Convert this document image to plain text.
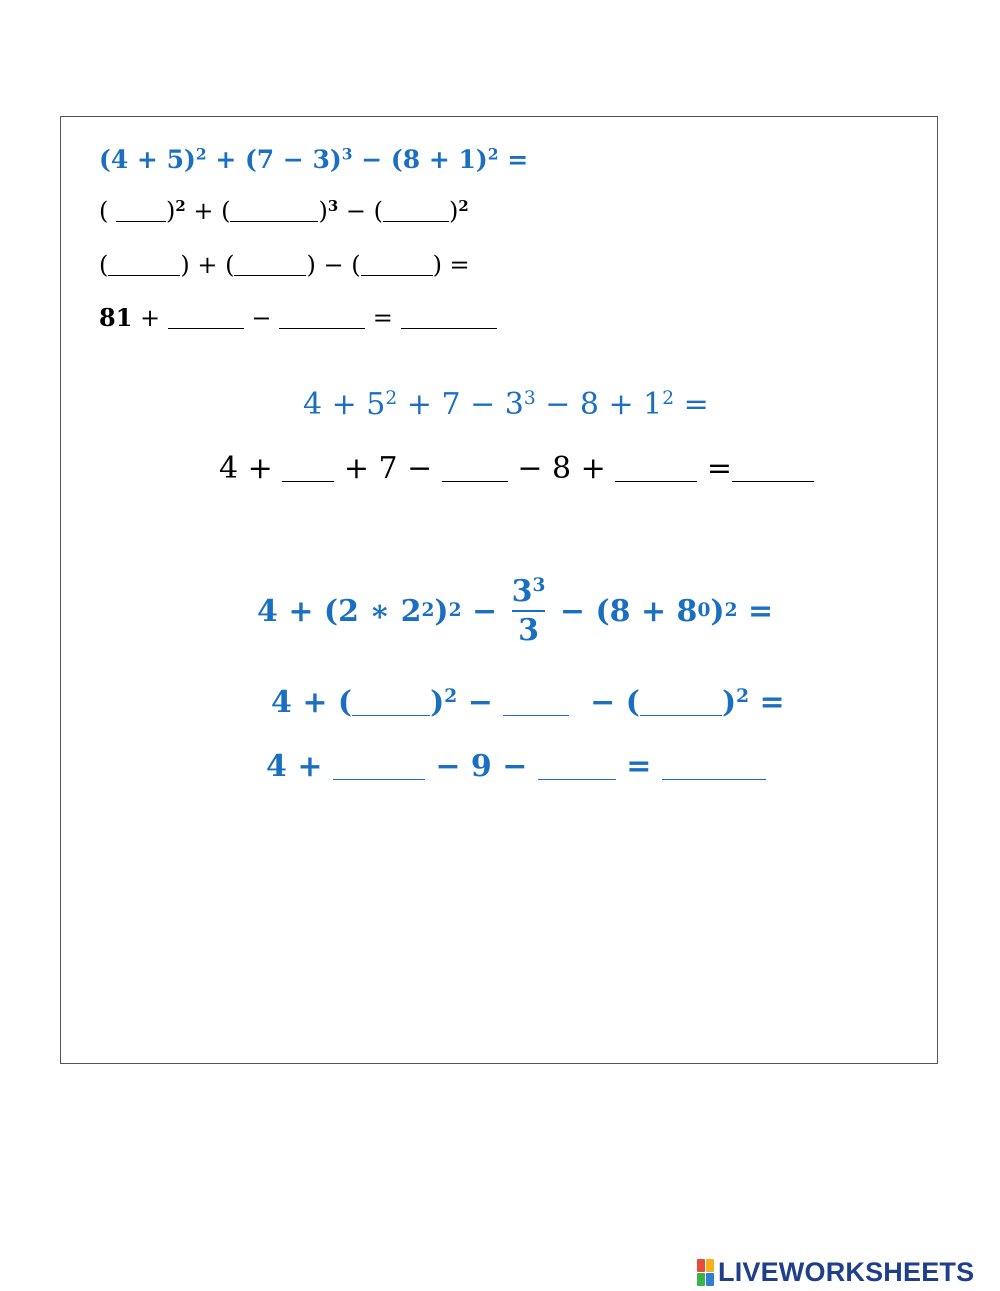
$(4 + 5)^2 + (7 - 3)^3 - (8 + 1)^2$ =
( )$^2$ + (	)$^3$ − (	)$^2$
(	) + (	) − (	) =
81 +	−	=
$4 + 5^2 + 7 - 3^3 - 8 + 1^2$ =
4 +  + 7 −  − 8 +	=
4 + (2 ∗ 2 2 ) $2 - \frac{3^3}{3} - (8 + 8$ 0 ) 2 =
4 + (	)$^2$ −   − (	)$^2$ =
4 +	− 9 −	=
LIVEWORKSHEETS
